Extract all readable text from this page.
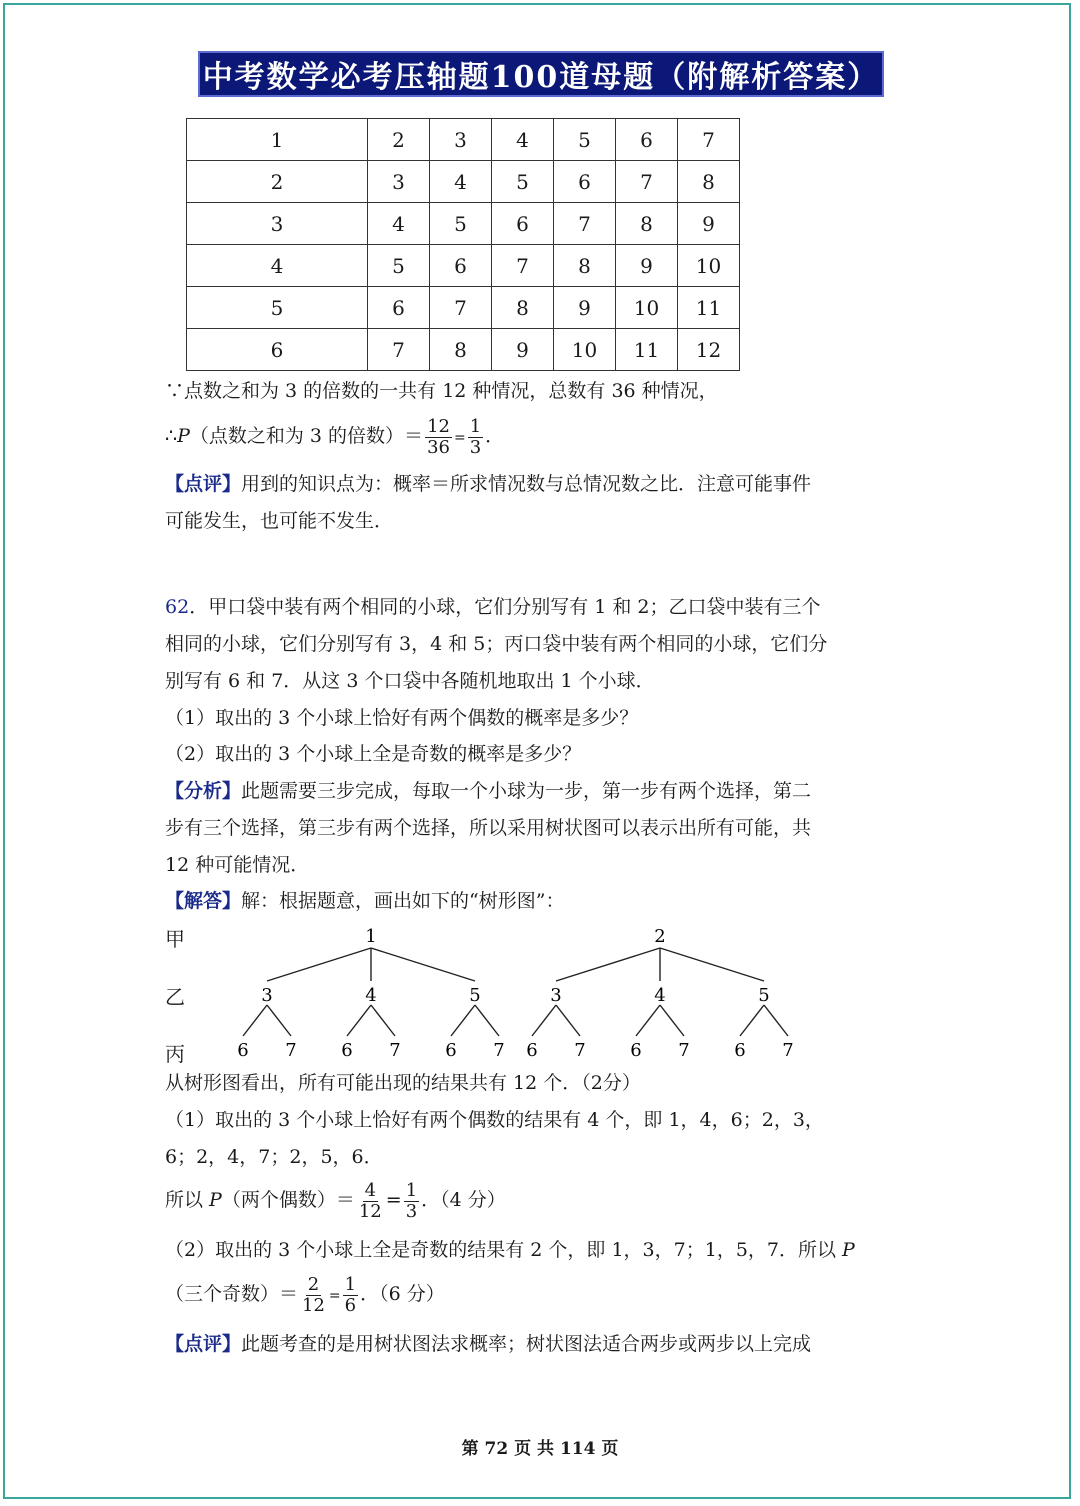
中考数学必考压轴题100道母题（附解析答案）
1	2	3	4	5	6	7
2	3	4	5	6	7	8
3	4	5	6	7	8	9
4	5	6	7	8	9	10
5	6	7	8	9	10	11
6	7	8	9	10	11	12
∵点数之和为 3 的倍数的一共有 12 种情况，总数有 36 种情况，
∴P（点数之和为 3 的倍数）＝ $\frac{12}{36} = \frac{1}{3}$ ．
【点评】用到的知识点为：概率＝所求情况数与总情况数之比．注意可能事件
可能发生，也可能不发生．
62．甲口袋中装有两个相同的小球，它们分别写有 1 和 2；乙口袋中装有三个
相同的小球，它们分别写有 3，4 和 5；丙口袋中装有两个相同的小球，它们分
别写有 6 和 7．从这 3 个口袋中各随机地取出 1 个小球．
（1）取出的 3 个小球上恰好有两个偶数的概率是多少？
（2）取出的 3 个小球上全是奇数的概率是多少？
【分析】此题需要三步完成，每取一个小球为一步，第一步有两个选择，第二
步有三个选择，第三步有两个选择，所以采用树状图可以表示出所有可能，共
12 种可能情况．
【解答】解：根据题意，画出如下的“树形图”：
甲
乙
丙
1
3
6 7
4
6 7
5
6 7
2
3
6 7
4
6 7
5
6 7
从树形图看出，所有可能出现的结果共有 12 个．（2分）
（1）取出的 3 个小球上恰好有两个偶数的结果有 4 个，即 1，4，6；2，3，
6；2，4，7；2，5，6．
所以 P（两个偶数）＝ $\frac{4}{12} = \frac{1}{3}$ ．（4 分）
（2）取出的 3 个小球上全是奇数的结果有 2 个，即 1，3，7；1，5，7．所以 P
（三个奇数）＝ $\frac{2}{12} = \frac{1}{6}$ ．（6 分）
【点评】此题考查的是用树状图法求概率；树状图法适合两步或两步以上完成
第 72 页 共 114 页
